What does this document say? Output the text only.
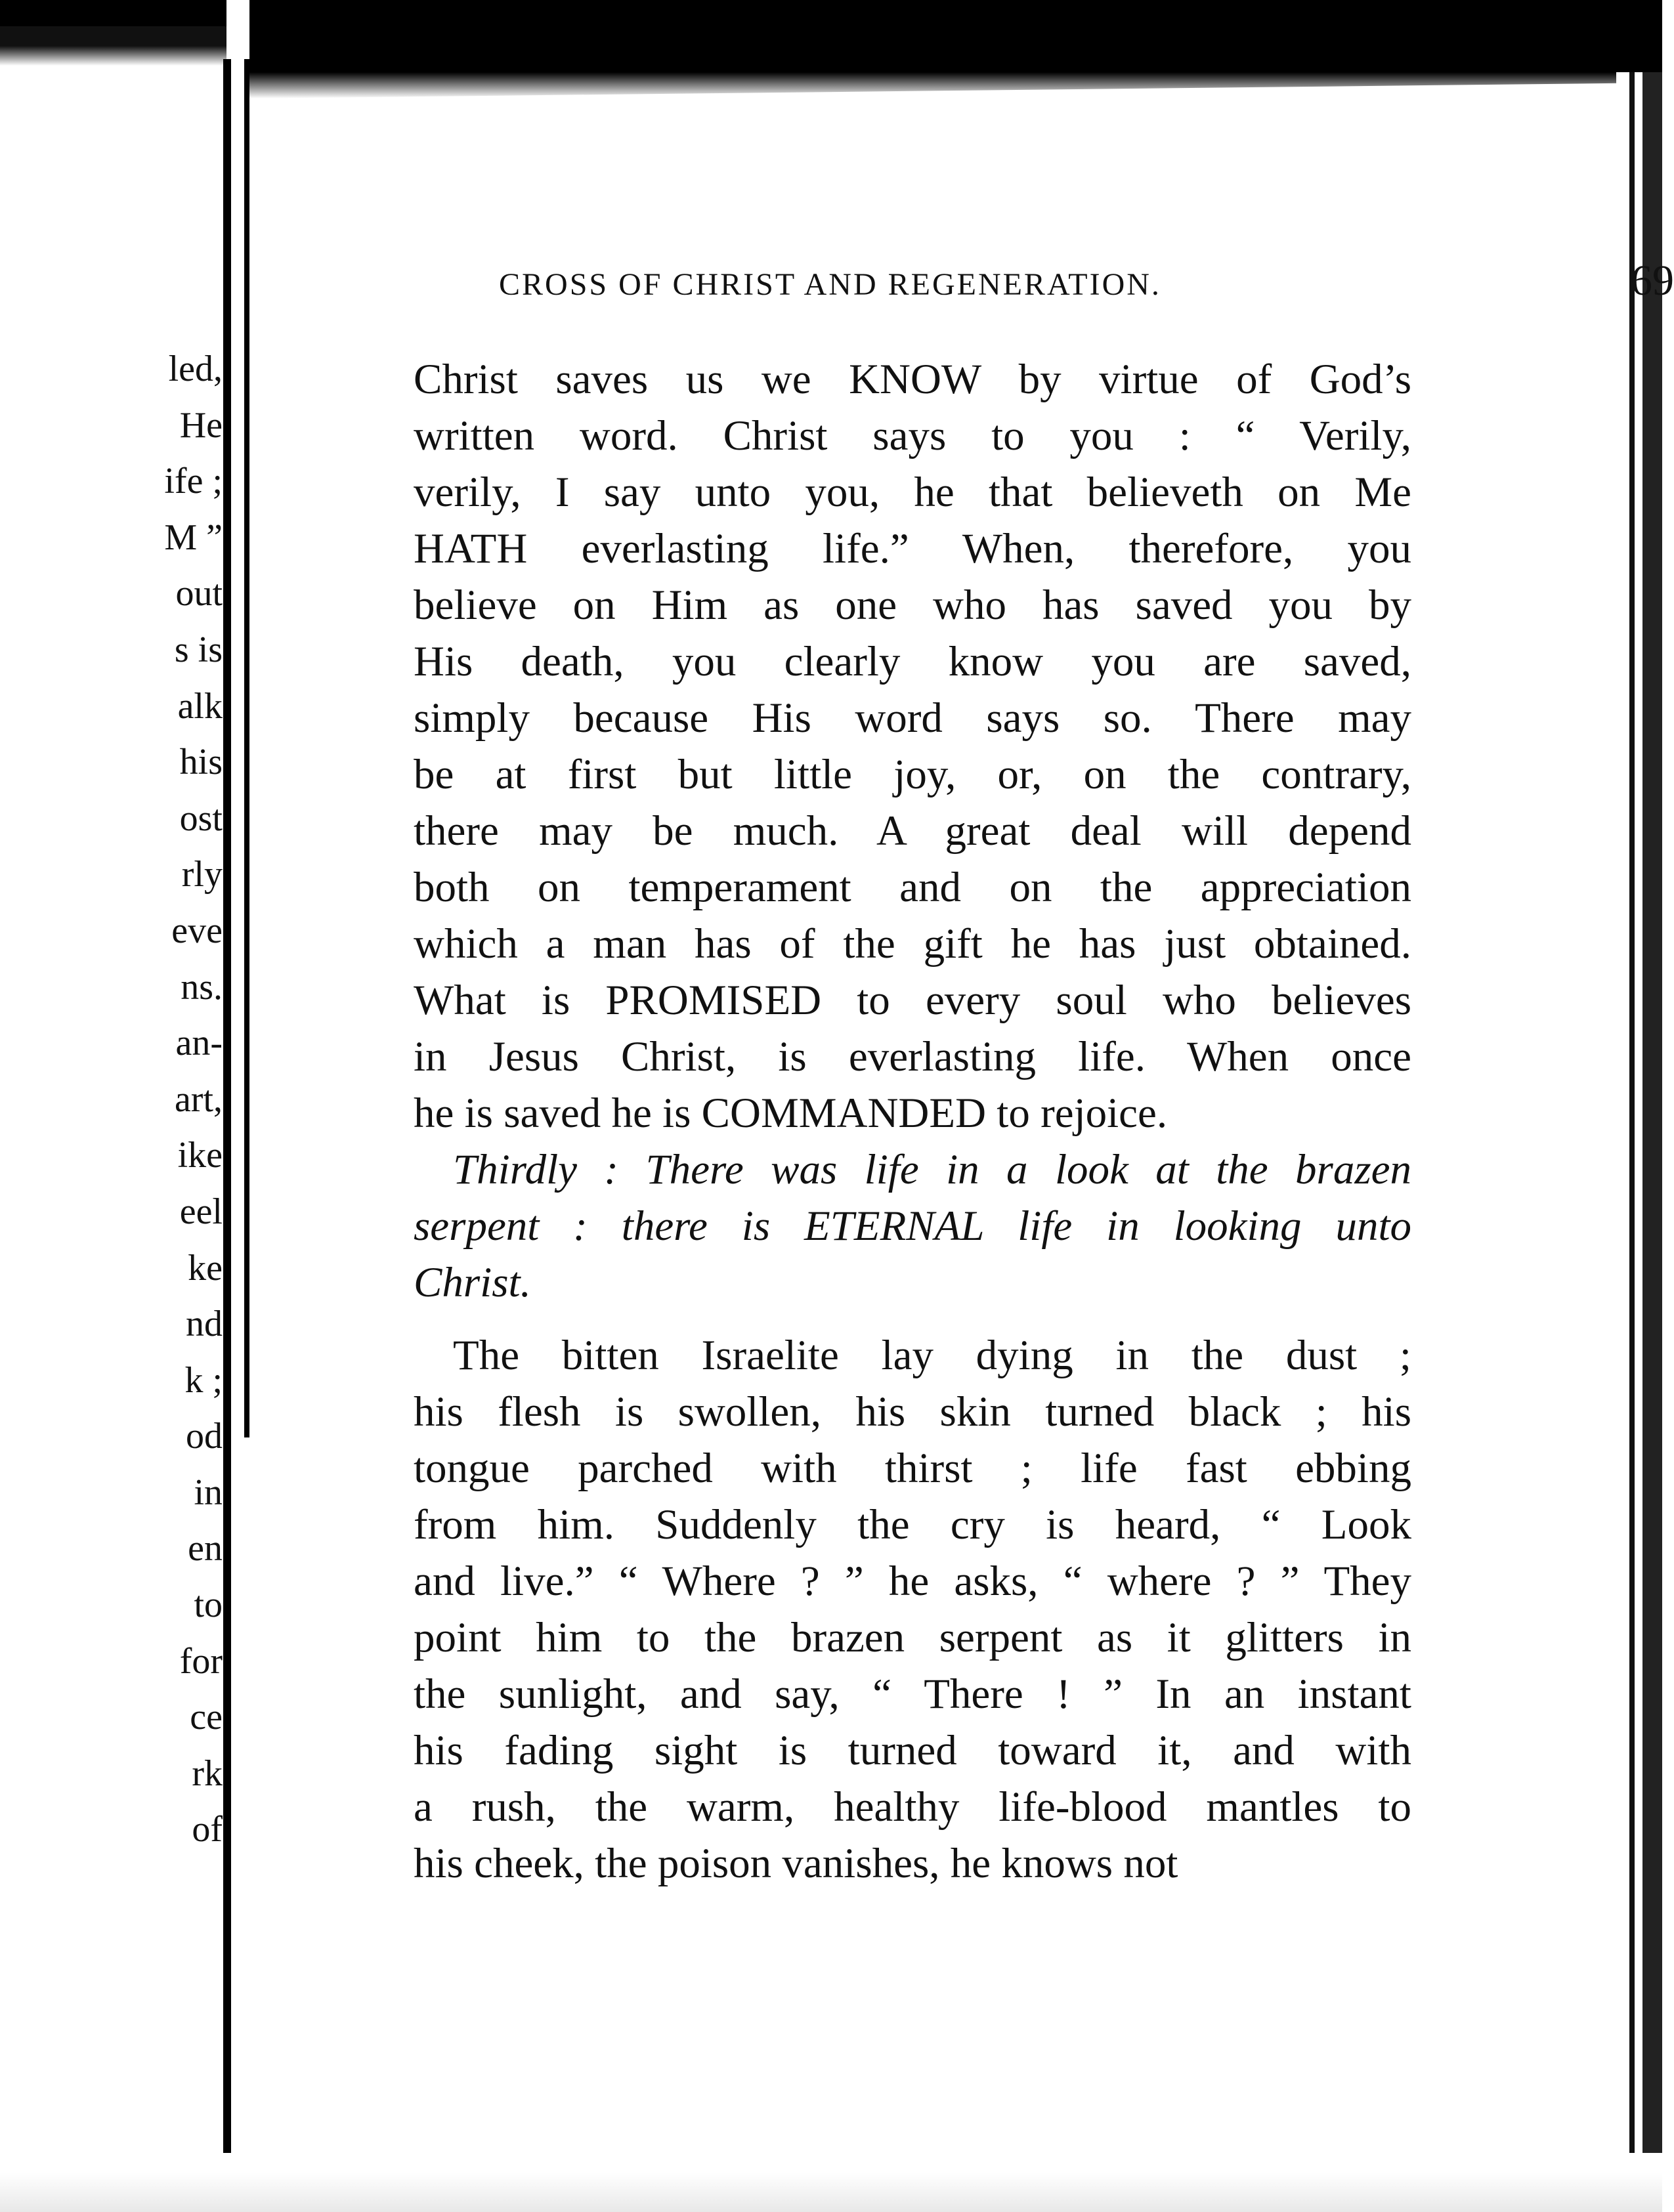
led,
He
ife ;
M ”
out
s is
alk
his
ost
rly
eve
ns.
an-
art,
ike
eel
ke
nd
k ;
od
in
en
to
for
ce
rk
of
CROSS OF CHRIST AND REGENERATION.	69
Christ saves us we KNOW by virtue of God’s
written word. Christ says to you : “ Verily,
verily, I say unto you, he that believeth on Me
HATH everlasting life.” When, therefore, you
believe on Him as one who has saved you by
His death, you clearly know you are saved,
simply because His word says so. There may
be at first but little joy, or, on the contrary,
there may be much. A great deal will depend
both on temperament and on the appreciation
which a man has of the gift he has just obtained.
What is PROMISED to every soul who believes
in Jesus Christ, is everlasting life. When once
he is saved he is COMMANDED to rejoice.
Thirdly : There was life in a look at the brazen
serpent : there is ETERNAL life in looking unto
Christ.
The bitten Israelite lay dying in the dust ;
his flesh is swollen, his skin turned black ; his
tongue parched with thirst ; life fast ebbing
from him. Suddenly the cry is heard, “ Look
and live.” “ Where ? ” he asks, “ where ? ” They
point him to the brazen serpent as it glitters in
the sunlight, and say, “ There ! ” In an instant
his fading sight is turned toward it, and with
a rush, the warm, healthy life-blood mantles to
his cheek, the poison vanishes, he knows not
